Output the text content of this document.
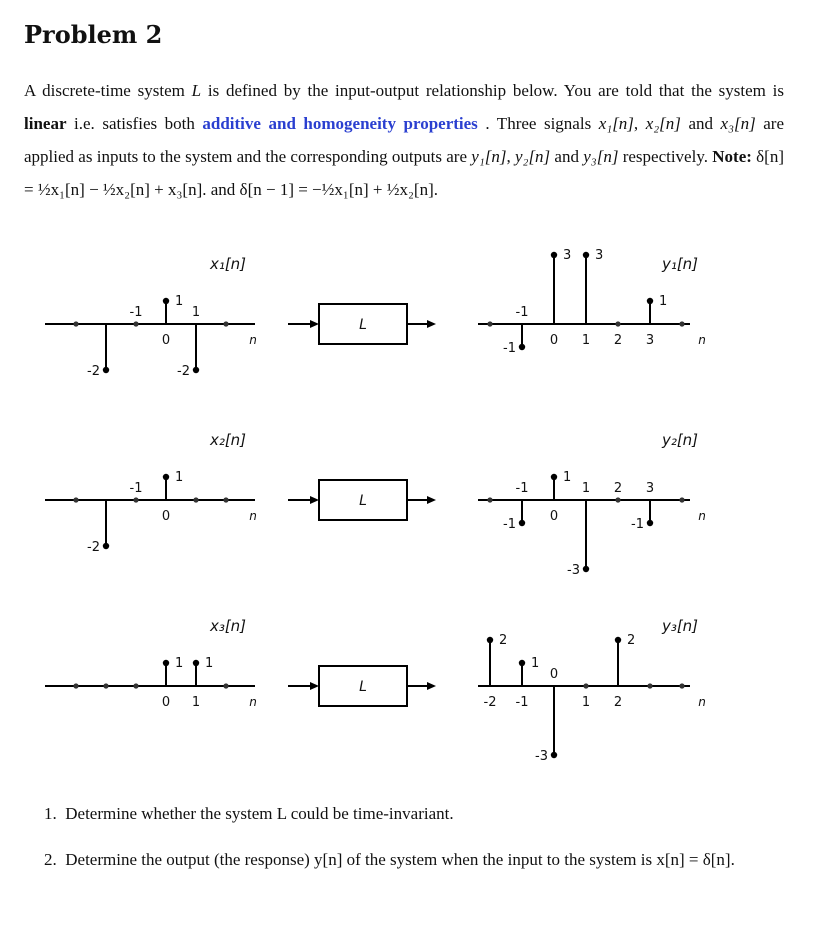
Problem 2
A discrete-time system L is defined by the input-output relationship below. You are told that the system is linear i.e. satisfies both additive and homogeneity properties . Three signals x₁[n], x₂[n] and x₃[n] are applied as inputs to the system and the corresponding outputs are y₁[n], y₂[n] and y₃[n] respectively. Note: δ[n] = ½x₁[n] − ½x₂[n] + x₃[n]. and δ[n − 1] = −½x₁[n] + ½x₂[n].
-2
1
-2
-1
0
1
n
x₁[n]
-1
3 3
1
-1
0 1 2 3	n
y₁[n]
L
-2
1
-1
0	n
x₂[n]
-1
1
-3
-1
-1
0
1 2 3
n
y₂[n]
L
1 1
0 1	n
x₃[n]
2
1
-3
2
-2 -1
0
1 2	n
y₃[n]
L
1. Determine whether the system L could be time-invariant.
2. Determine the output (the response) y[n] of the system when the input to the system is x[n] = δ[n].
